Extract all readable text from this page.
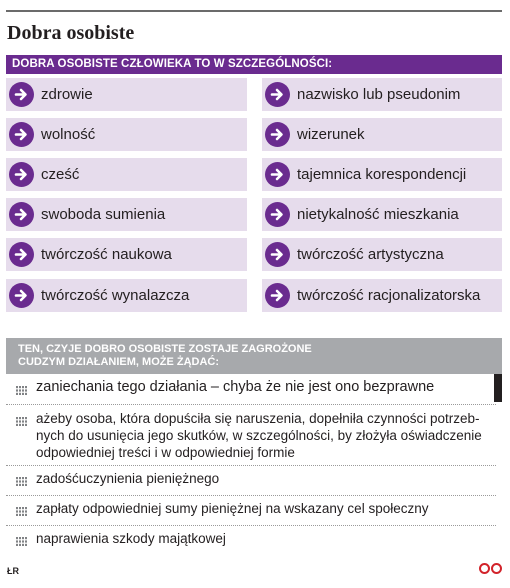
Dobra osobiste
DOBRA OSOBISTE CZŁOWIEKA TO W SZCZEGÓLNOŚCI:
zdrowie
wolność
cześć
swoboda sumienia
twórczość naukowa
twórczość wynalazcza
nazwisko lub pseudonim
wizerunek
tajemnica korespondencji
nietykalność mieszkania
twórczość artystyczna
twórczość racjonalizatorska
TEN, CZYJE DOBRO OSOBISTE ZOSTAJE ZAGROŻONE
CUDZYM DZIAŁANIEM, MOŻE ŻĄDAĆ:
zaniechania tego działania – chyba że nie jest ono bezprawne
ażeby osoba, która dopuściła się naruszenia, dopełniła czynności potrzeb-
nych do usunięcia jego skutków, w szczególności, by złożyła oświadczenie
odpowiedniej treści i w odpowiedniej formie
zadośćuczynienia pieniężnego
zapłaty odpowiedniej sumy pieniężnej na wskazany cel społeczny
naprawienia szkody majątkowej
ŁR
